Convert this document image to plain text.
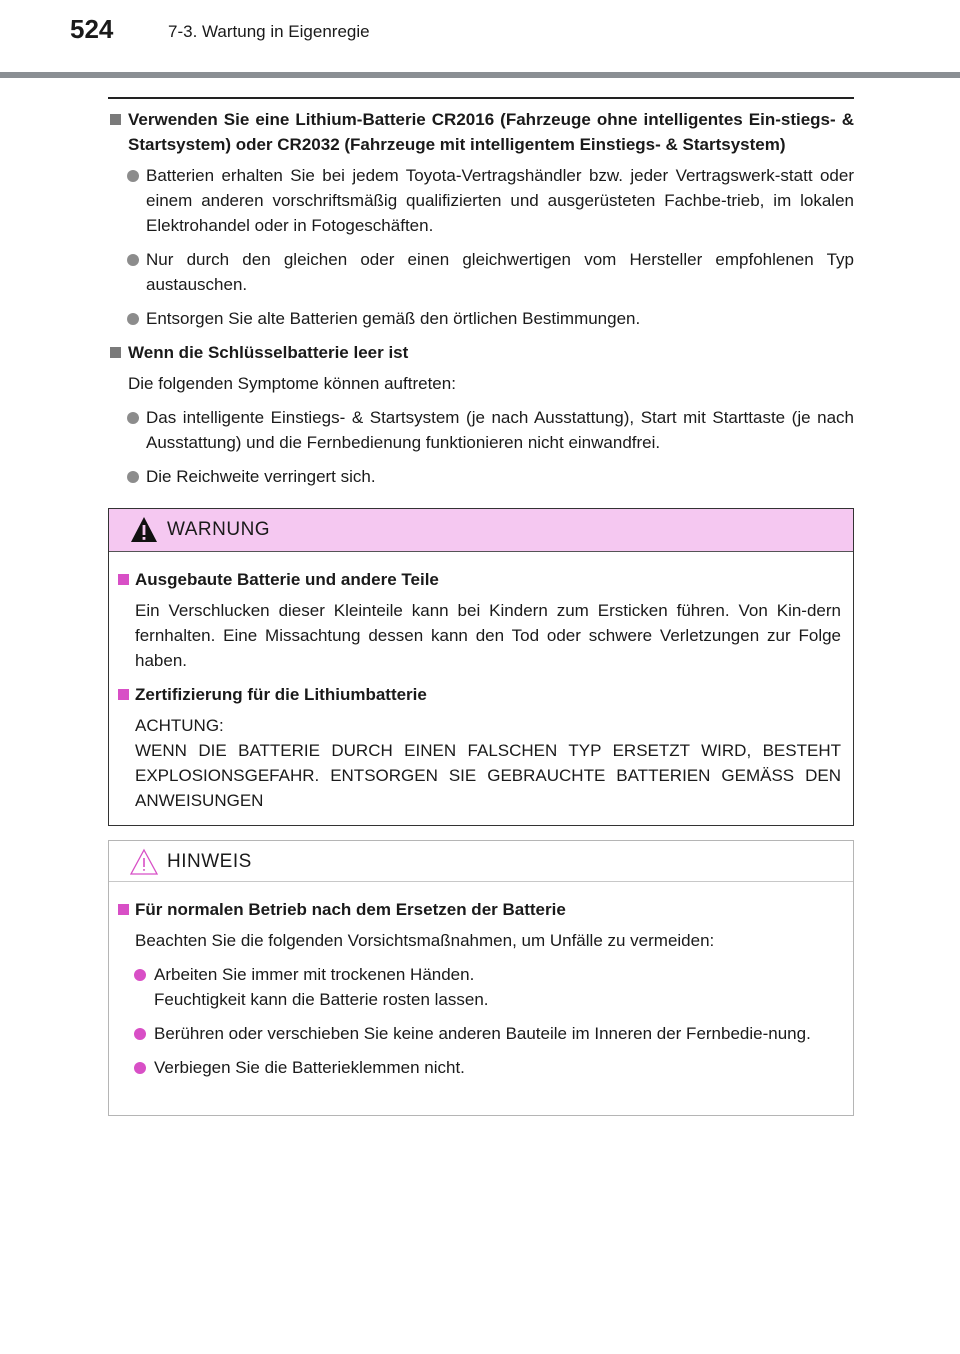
524	7-3. Wartung in Eigenregie
Verwenden Sie eine Lithium-Batterie CR2016 (Fahrzeuge ohne intelligentes Ein-stiegs- & Startsystem) oder CR2032 (Fahrzeuge mit intelligentem Einstiegs- & Startsystem)
Batterien erhalten Sie bei jedem Toyota-Vertragshändler bzw. jeder Vertragswerk-statt oder einem anderen vorschriftsmäßig qualifizierten und ausgerüsteten Fachbe-trieb, im lokalen Elektrohandel oder in Fotogeschäften.
Nur durch den gleichen oder einen gleichwertigen vom Hersteller empfohlenen Typ austauschen.
Entsorgen Sie alte Batterien gemäß den örtlichen Bestimmungen.
Wenn die Schlüsselbatterie leer ist
Die folgenden Symptome können auftreten:
Das intelligente Einstiegs- & Startsystem (je nach Ausstattung), Start mit Starttaste (je nach Ausstattung) und die Fernbedienung funktionieren nicht einwandfrei.
Die Reichweite verringert sich.
WARNUNG
Ausgebaute Batterie und andere Teile
Ein Verschlucken dieser Kleinteile kann bei Kindern zum Ersticken führen. Von Kin-dern fernhalten. Eine Missachtung dessen kann den Tod oder schwere Verletzungen zur Folge haben.
Zertifizierung für die Lithiumbatterie
ACHTUNG:
WENN DIE BATTERIE DURCH EINEN FALSCHEN TYP ERSETZT WIRD, BESTEHT EXPLOSIONSGEFAHR. ENTSORGEN SIE GEBRAUCHTE BATTERIEN GEMÄSS DEN ANWEISUNGEN
HINWEIS
Für normalen Betrieb nach dem Ersetzen der Batterie
Beachten Sie die folgenden Vorsichtsmaßnahmen, um Unfälle zu vermeiden:
Arbeiten Sie immer mit trockenen Händen.
Feuchtigkeit kann die Batterie rosten lassen.
Berühren oder verschieben Sie keine anderen Bauteile im Inneren der Fernbedie-nung.
Verbiegen Sie die Batterieklemmen nicht.
